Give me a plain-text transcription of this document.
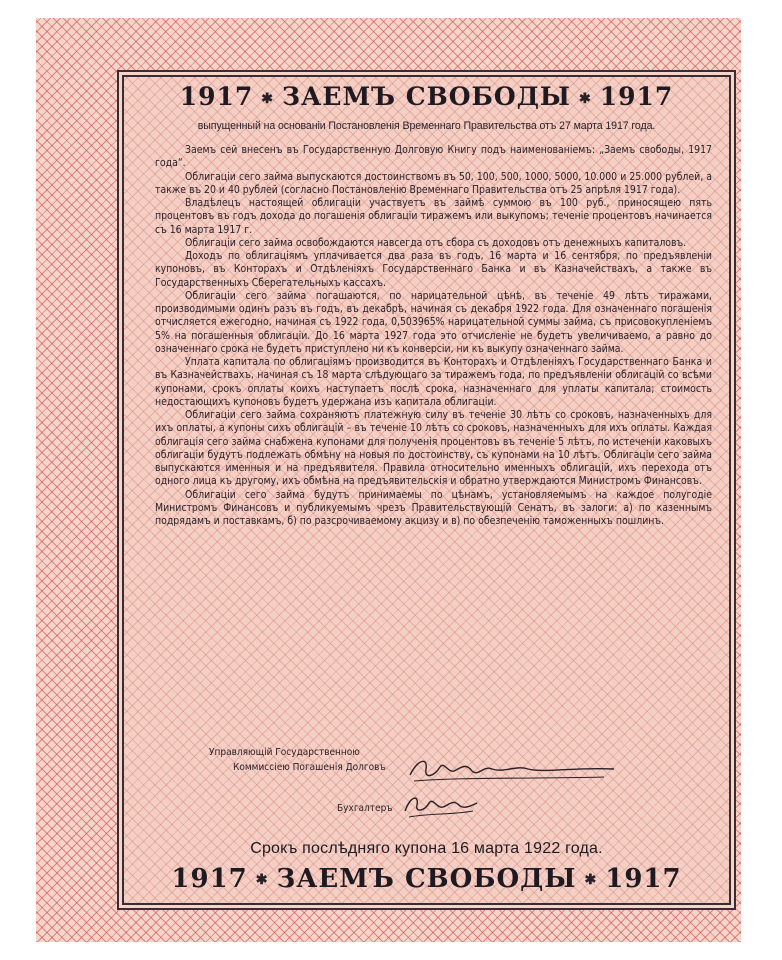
1917 ✱ ЗАЕМЪ СВОБОДЫ ✱ 1917
выпущенный на основаніи Постановленія Временнаго Правительства отъ 27 марта 1917 года.

Заемъ сей внесенъ въ Государственную Долговую Книгу подъ наименованіемъ: „Заемъ свободы, 1917 года“.

Облигаціи сего займа выпускаются достоинствомъ въ 50, 100, 500, 1000, 5000, 10.000 и 25.000 рублей, а также въ 20 и 40 рублей (согласно Постановленію Временнаго Правительства отъ 25 апрѣля 1917 года).

Владѣлецъ настоящей облигаціи участвуетъ въ займѣ суммою въ 100 руб., приносящею пять процентовъ въ годъ дохода до погашенія облигаціи тиражемъ или выкупомъ; теченіе процентовъ начинается съ 16 марта 1917 г.

Облигаціи сего займа освобождаются навсегда отъ сбора съ доходовъ отъ денежныхъ капиталовъ.

Доходъ по облигаціямъ уплачивается два раза въ годъ, 16 марта и 16 сентября, по предъявленіи купоновъ, въ Конторахъ и Отдѣленіяхъ Государственнаго Банка и въ Казначействахъ, а также въ Государственныхъ Сберегательныхъ кассахъ.

Облигаціи сего займа погашаются, по нарицательной цѣнѣ, въ теченіе 49 лѣтъ тиражами, производимыми одинъ разъ въ годъ, въ декабрѣ, начиная съ декабря 1922 года. Для означеннаго погашенія отчисляется ежегодно, начиная съ 1922 года, 0,503965% нарицательной суммы займа, съ присовокупленіемъ 5% на погашенныя облигаціи. До 16 марта 1927 года это отчисленіе не будетъ увеличиваемо, а равно до означеннаго срока не будетъ приступлено ни къ конверсіи, ни къ выкупу означеннаго займа.

Уплата капитала по облигаціямъ производится въ Конторахъ и Отдѣленіяхъ Государственнаго Банка и въ Казначействахъ, начиная съ 18 марта слѣдующаго за тиражемъ года, по предъявленіи облигацій со всѣми купонами, срокъ оплаты коихъ наступаетъ послѣ срока, назначеннаго для уплаты капитала; стоимость недостающихъ купоновъ будетъ удержана изъ капитала облигаціи.

Облигаціи сего займа сохраняютъ платежную силу въ теченіе 30 лѣтъ со сроковъ, назначенныхъ для ихъ оплаты, а купоны сихъ облигацій – въ теченіе 10 лѣтъ со сроковъ, назначенныхъ для ихъ оплаты. Каждая облигація сего займа снабжена купонами для полученія процентовъ въ теченіе 5 лѣтъ, по истеченіи каковыхъ облигаціи будутъ подлежать обмѣну на новыя по достоинству, съ купонами на 10 лѣтъ. Облигаціи сего займа выпускаются именныя и на предъявителя. Правила относительно именныхъ облигацій, ихъ перехода отъ одного лица къ другому, ихъ обмѣна на предъявительскія и обратно утверждаются Министромъ Финансовъ.

Облигаціи сего займа будутъ принимаемы по цѣнамъ, установляемымъ на каждое полугодіе Министромъ Финансовъ и публикуемымъ чрезъ Правительствующій Сенатъ, въ залоги: а) по казеннымъ подрядамъ и поставкамъ, б) по разсрочиваемому акцизу и в) по обезпеченію таможенныхъ пошлинъ.

Управляющій Государственною
Коммиссіею Погашенія Долговъ
Бухгалтеръ
Срокъ послѣдняго купона 16 марта 1922 года.
1917 ✱ ЗАЕМЪ СВОБОДЫ ✱ 1917
